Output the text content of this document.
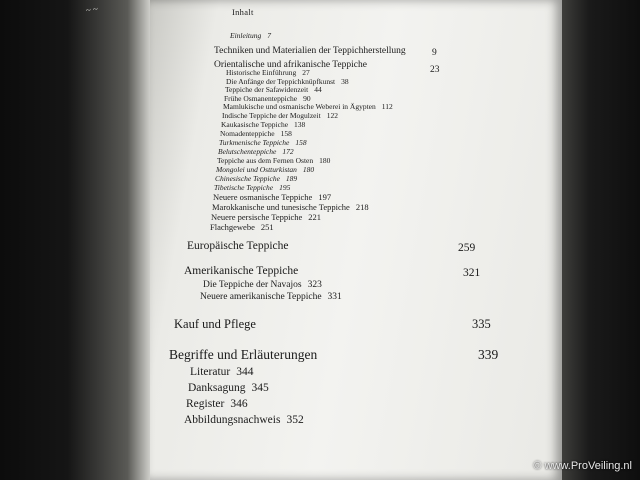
~ ~	Inhalt
Einleitung 7
Techniken und Materialien der Teppichherstellung	9
Orientalische und afrikanische Teppiche	23
Historische Einführung 27
Die Anfänge der Teppichknüpfkunst 38
Teppiche der Safawidenzeit 44
Frühe Osmanenteppiche 90
Mamlukische und osmanische Weberei in Ägypten 112
Indische Teppiche der Mogulzeit 122
Kaukasische Teppiche 138
Nomadenteppiche 158
Turkmenische Teppiche 158
Belutschenteppiche 172
Teppiche aus dem Fernen Osten 180
Mongolei und Ostturkistan 180
Chinesische Teppiche 189
Tibetische Teppiche 195
Neuere osmanische Teppiche 197
Marokkanische und tunesische Teppiche 218
Neuere persische Teppiche 221
Flachgewebe 251
Europäische Teppiche	259
Amerikanische Teppiche	321
Die Teppiche der Navajos 323
Neuere amerikanische Teppiche 331
Kauf und Pflege	335
Begriffe und Erläuterungen	339
Literatur 344
Danksagung 345
Register 346
Abbildungsnachweis 352
© www.ProVeiling.nl
